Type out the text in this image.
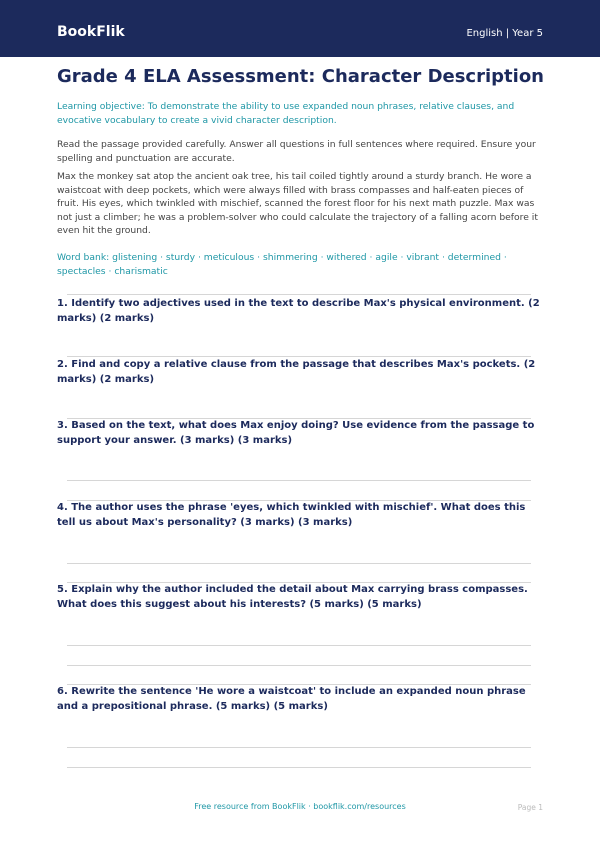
BookFlik	English | Year 5
Grade 4 ELA Assessment: Character Description
Learning objective: To demonstrate the ability to use expanded noun phrases, relative clauses, and evocative vocabulary to create a vivid character description.
Read the passage provided carefully. Answer all questions in full sentences where required. Ensure your spelling and punctuation are accurate.
Max the monkey sat atop the ancient oak tree, his tail coiled tightly around a sturdy branch. He wore a waistcoat with deep pockets, which were always filled with brass compasses and half-eaten pieces of fruit. His eyes, which twinkled with mischief, scanned the forest floor for his next math puzzle. Max was not just a climber; he was a problem-solver who could calculate the trajectory of a falling acorn before it even hit the ground.
Word bank: glistening · sturdy · meticulous · shimmering · withered · agile · vibrant · determined · spectacles · charismatic
1. Identify two adjectives used in the text to describe Max's physical environment. (2 marks) (2 marks)
2. Find and copy a relative clause from the passage that describes Max's pockets. (2 marks) (2 marks)
3. Based on the text, what does Max enjoy doing? Use evidence from the passage to support your answer. (3 marks) (3 marks)
4. The author uses the phrase 'eyes, which twinkled with mischief'. What does this tell us about Max's personality? (3 marks) (3 marks)
5. Explain why the author included the detail about Max carrying brass compasses. What does this suggest about his interests? (5 marks) (5 marks)
6. Rewrite the sentence 'He wore a waistcoat' to include an expanded noun phrase and a prepositional phrase. (5 marks) (5 marks)
Free resource from BookFlik · bookflik.com/resources	Page 1
